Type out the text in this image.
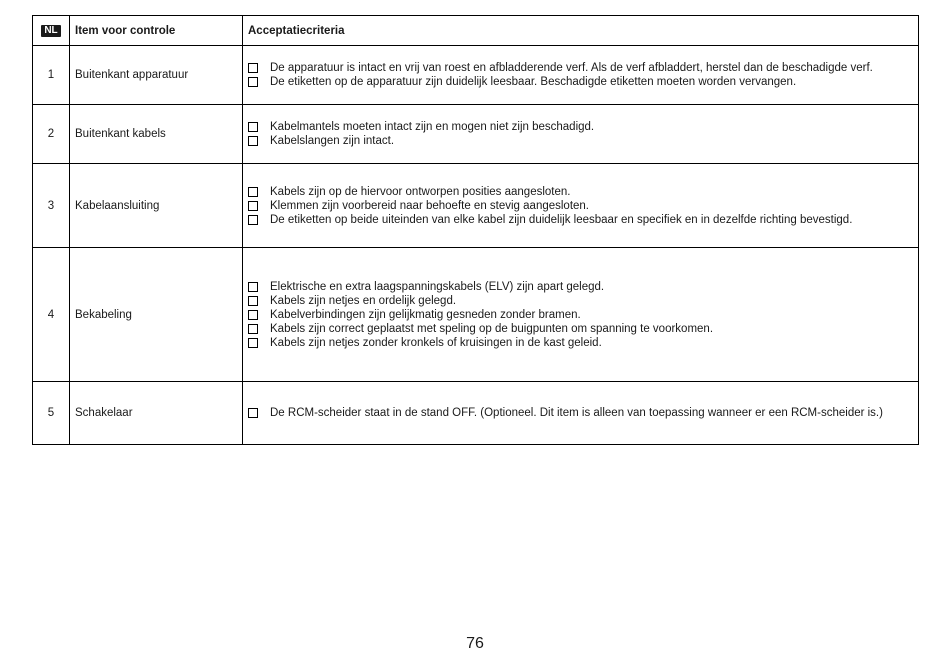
NL	Item voor controle	Acceptatiecriteria
1	Buitenkant apparatuur	De apparatuur is intact en vrij van roest en afbladderende verf. Als de verf afbladdert, herstel dan de beschadigde verf.
De etiketten op de apparatuur zijn duidelijk leesbaar. Beschadigde etiketten moeten worden vervangen.

2	Buitenkant kabels	Kabelmantels moeten intact zijn en mogen niet zijn beschadigd.
Kabelslangen zijn intact.

3	Kabelaansluiting	Kabels zijn op de hiervoor ontworpen posities aangesloten.
Klemmen zijn voorbereid naar behoefte en stevig aangesloten.
De etiketten op beide uiteinden van elke kabel zijn duidelijk leesbaar en specifiek en in dezelfde richting bevestigd.

4	Bekabeling	Elektrische en extra laagspanningskabels (ELV) zijn apart gelegd.
Kabels zijn netjes en ordelijk gelegd.
Kabelverbindingen zijn gelijkmatig gesneden zonder bramen.
Kabels zijn correct geplaatst met speling op de buigpunten om spanning te voorkomen.
Kabels zijn netjes zonder kronkels of kruisingen in de kast geleid.

5	Schakelaar	De RCM-scheider staat in de stand OFF. (Optioneel. Dit item is alleen van toepassing wanneer er een RCM-scheider is.)
76
